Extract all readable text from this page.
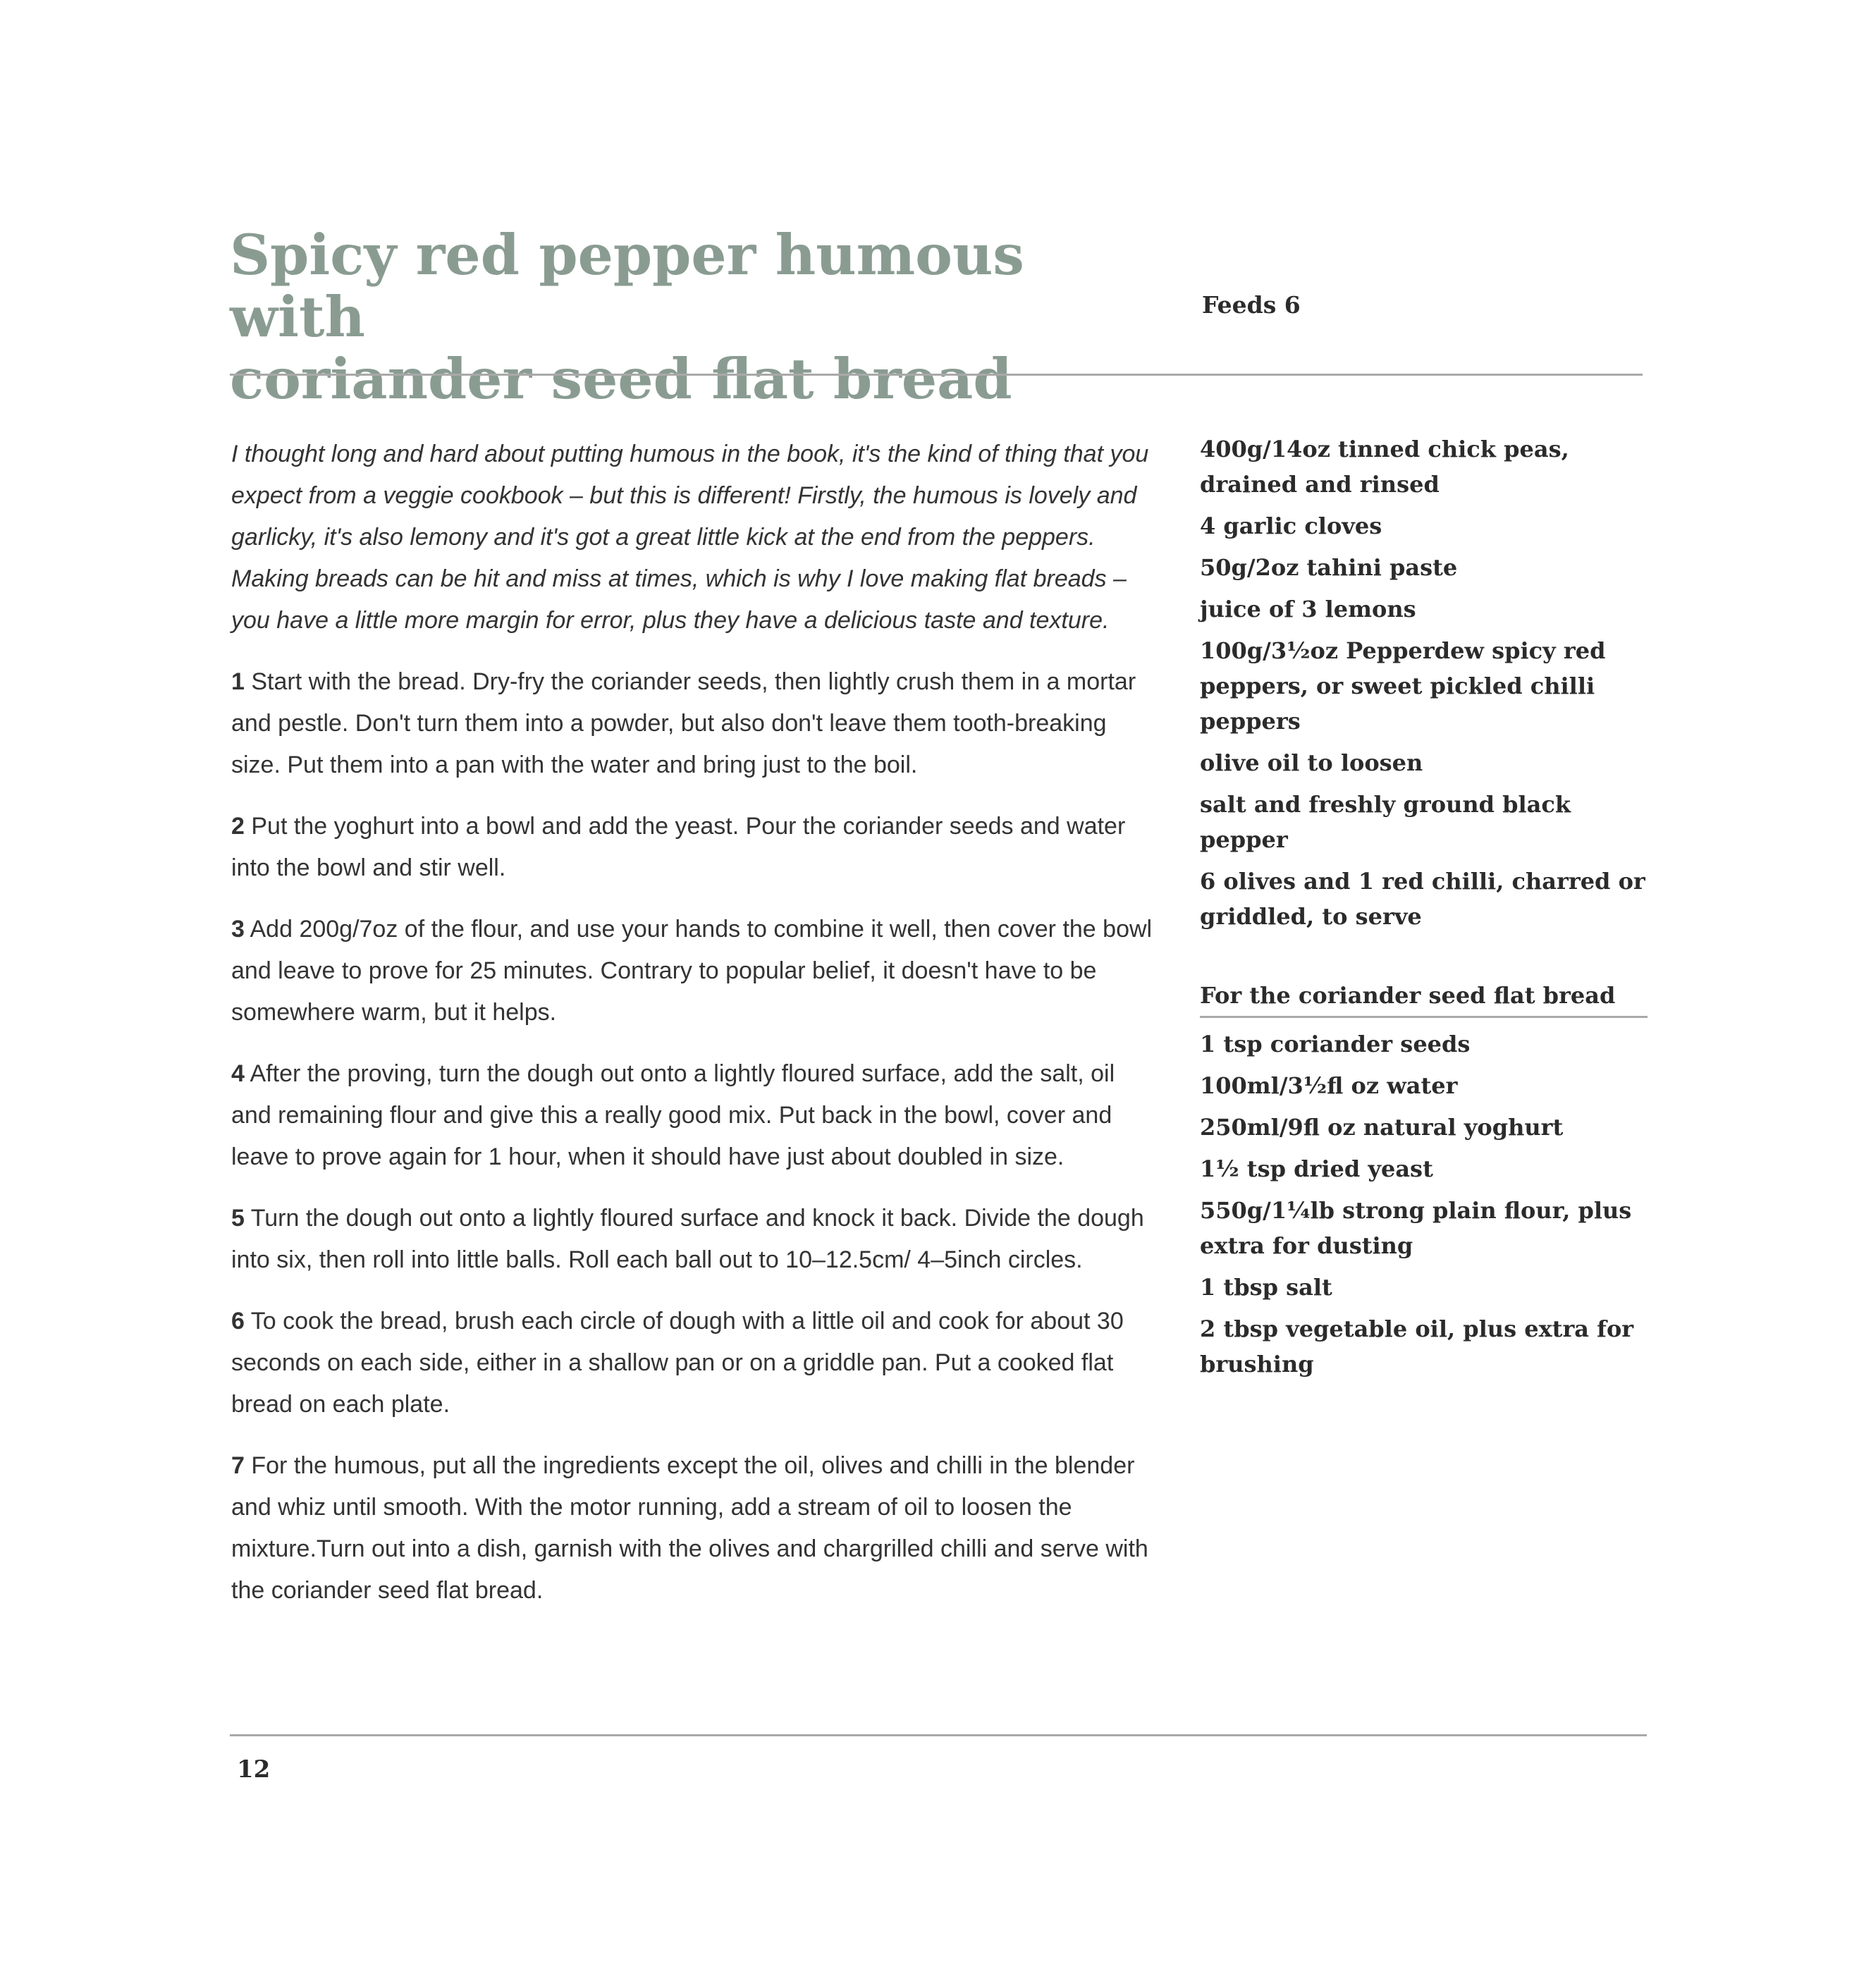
Spicy red pepper humous with
coriander seed flat bread
Feeds 6

I thought long and hard about putting humous in the book, it's the kind of thing that you expect from a veggie cookbook – but this is different! Firstly, the humous is lovely and garlicky, it's also lemony and it's got a great little kick at the end from the peppers. Making breads can be hit and miss at times, which is why I love making flat breads – you have a little more margin for error, plus they have a delicious taste and texture.

1 Start with the bread. Dry-fry the coriander seeds, then lightly crush them in a mortar and pestle. Don't turn them into a powder, but also don't leave them tooth-breaking size. Put them into a pan with the water and bring just to the boil.

2 Put the yoghurt into a bowl and add the yeast. Pour the coriander seeds and water into the bowl and stir well.

3 Add 200g/7oz of the flour, and use your hands to combine it well, then cover the bowl and leave to prove for 25 minutes. Contrary to popular belief, it doesn't have to be somewhere warm, but it helps.

4 After the proving, turn the dough out onto a lightly floured surface, add the salt, oil and remaining flour and give this a really good mix. Put back in the bowl, cover and leave to prove again for 1 hour, when it should have just about doubled in size.

5 Turn the dough out onto a lightly floured surface and knock it back. Divide the dough into six, then roll into little balls. Roll each ball out to 10–12.5cm/ 4–5inch circles.

6 To cook the bread, brush each circle of dough with a little oil and cook for about 30 seconds on each side, either in a shallow pan or on a griddle pan. Put a cooked flat bread on each plate.

7 For the humous, put all the ingredients except the oil, olives and chilli in the blender and whiz until smooth. With the motor running, add a stream of oil to loosen the mixture.Turn out into a dish, garnish with the olives and chargrilled chilli and serve with the coriander seed flat bread.

400g/14oz tinned chick peas, drained and rinsed
4 garlic cloves
50g/2oz tahini paste
juice of 3 lemons
100g/3½oz Pepperdew spicy red peppers, or sweet pickled chilli peppers
olive oil to loosen
salt and freshly ground black pepper
6 olives and 1 red chilli, charred or griddled, to serve
For the coriander seed flat bread
1 tsp coriander seeds
100ml/3½fl oz water
250ml/9fl oz natural yoghurt
1½ tsp dried yeast
550g/1¼lb strong plain flour, plus extra for dusting
1 tbsp salt
2 tbsp vegetable oil, plus extra for brushing
12
